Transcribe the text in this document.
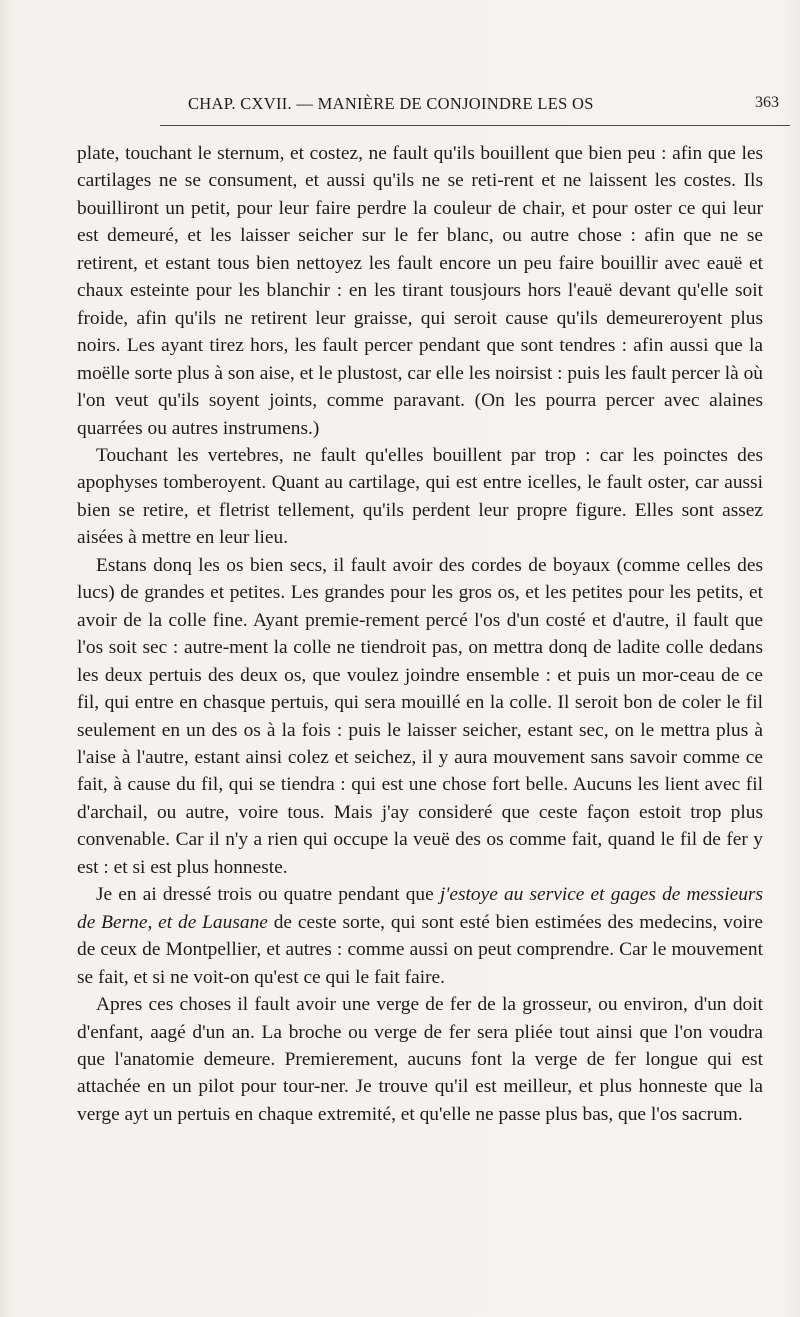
CHAP. CXVII. — MANIÈRE DE CONJOINDRE LES OS	363

plate, touchant le sternum, et costez, ne fault qu'ils bouillent que bien peu : afin que les cartilages ne se consument, et aussi qu'ils ne se reti-rent et ne laissent les costes. Ils bouilliront un petit, pour leur faire perdre la couleur de chair, et pour oster ce qui leur est demeuré, et les laisser seicher sur le fer blanc, ou autre chose : afin que ne se retirent, et estant tous bien nettoyez les fault encore un peu faire bouillir avec eauë et chaux esteinte pour les blanchir : en les tirant tousjours hors l'eauë devant qu'elle soit froide, afin qu'ils ne retirent leur graisse, qui seroit cause qu'ils demeureroyent plus noirs. Les ayant tirez hors, les fault percer pendant que sont tendres : afin aussi que la moëlle sorte plus à son aise, et le plustost, car elle les noirsist : puis les fault percer là où l'on veut qu'ils soyent joints, comme paravant. (On les pourra percer avec alaines quarrées ou autres instrumens.)

Touchant les vertebres, ne fault qu'elles bouillent par trop : car les poinctes des apophyses tomberoyent. Quant au cartilage, qui est entre icelles, le fault oster, car aussi bien se retire, et fletrist tellement, qu'ils perdent leur propre figure. Elles sont assez aisées à mettre en leur lieu.

Estans donq les os bien secs, il fault avoir des cordes de boyaux (comme celles des lucs) de grandes et petites. Les grandes pour les gros os, et les petites pour les petits, et avoir de la colle fine. Ayant premie-rement percé l'os d'un costé et d'autre, il fault que l'os soit sec : autre-ment la colle ne tiendroit pas, on mettra donq de ladite colle dedans les deux pertuis des deux os, que voulez joindre ensemble : et puis un mor-ceau de ce fil, qui entre en chasque pertuis, qui sera mouillé en la colle. Il seroit bon de coler le fil seulement en un des os à la fois : puis le laisser seicher, estant sec, on le mettra plus à l'aise à l'autre, estant ainsi colez et seichez, il y aura mouvement sans savoir comme ce fait, à cause du fil, qui se tiendra : qui est une chose fort belle. Aucuns les lient avec fil d'archail, ou autre, voire tous. Mais j'ay consideré que ceste façon estoit trop plus convenable. Car il n'y a rien qui occupe la veuë des os comme fait, quand le fil de fer y est : et si est plus honneste.

Je en ai dressé trois ou quatre pendant que j'estoye au service et gages de messieurs de Berne, et de Lausane de ceste sorte, qui sont esté bien estimées des medecins, voire de ceux de Montpellier, et autres : comme aussi on peut comprendre. Car le mouvement se fait, et si ne voit-on qu'est ce qui le fait faire.

Apres ces choses il fault avoir une verge de fer de la grosseur, ou environ, d'un doit d'enfant, aagé d'un an. La broche ou verge de fer sera pliée tout ainsi que l'on voudra que l'anatomie demeure. Premierement, aucuns font la verge de fer longue qui est attachée en un pilot pour tour-ner. Je trouve qu'il est meilleur, et plus honneste que la verge ayt un pertuis en chaque extremité, et qu'elle ne passe plus bas, que l'os sacrum.
